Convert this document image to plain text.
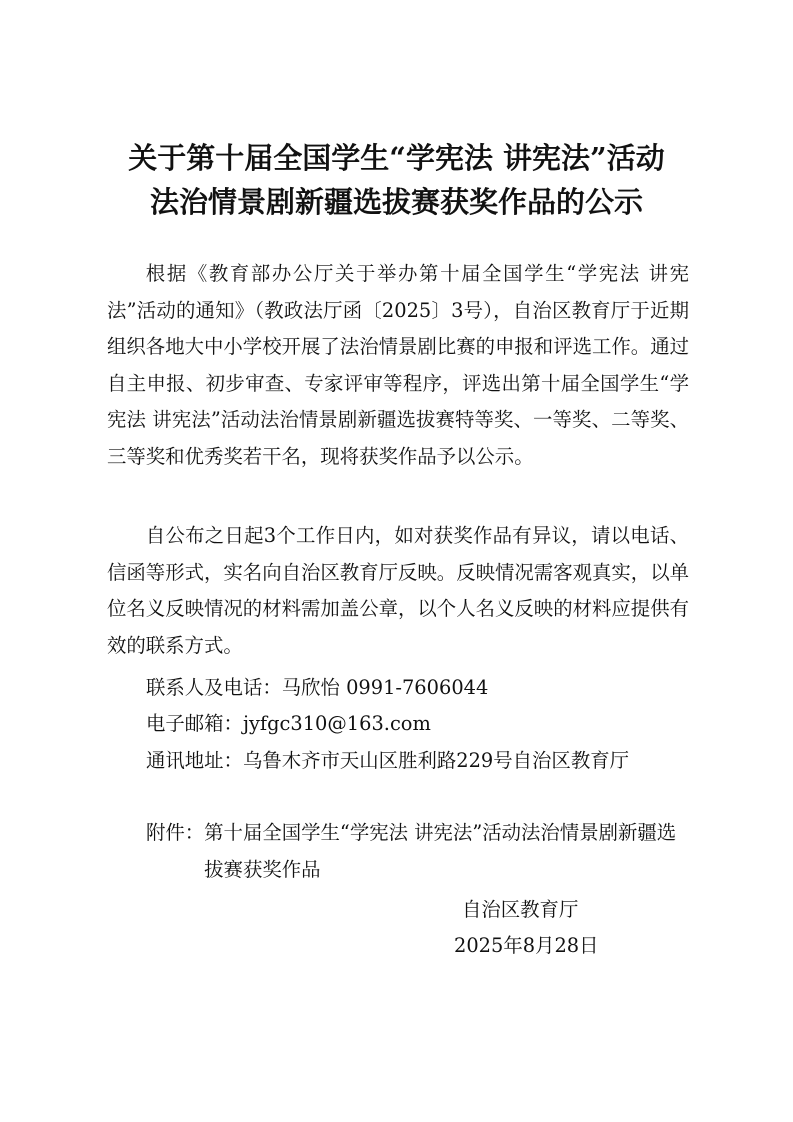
关于第十届全国学生“学宪法 讲宪法”活动
法治情景剧新疆选拔赛获奖作品的公示

根据《教育部办公厅关于举办第十届全国学生“学宪法 讲宪法”活动的通知》（教政法厅函〔2025〕3号），自治区教育厅于近期组织各地大中小学校开展了法治情景剧比赛的申报和评选工作。通过自主申报、初步审查、专家评审等程序，评选出第十届全国学生“学宪法 讲宪法”活动法治情景剧新疆选拔赛特等奖、一等奖、二等奖、三等奖和优秀奖若干名，现将获奖作品予以公示。

自公布之日起3个工作日内，如对获奖作品有异议，请以电话、信函等形式，实名向自治区教育厅反映。反映情况需客观真实，以单位名义反映情况的材料需加盖公章，以个人名义反映的材料应提供有效的联系方式。

联系人及电话：马欣怡 0991-7606044
电子邮箱：jyfgc310@163.com
通讯地址：乌鲁木齐市天山区胜利路229号自治区教育厅
附件： 第十届全国学生“学宪法 讲宪法”活动法治情景剧新疆选拔赛获奖作品
自治区教育厅
2025年8月28日
